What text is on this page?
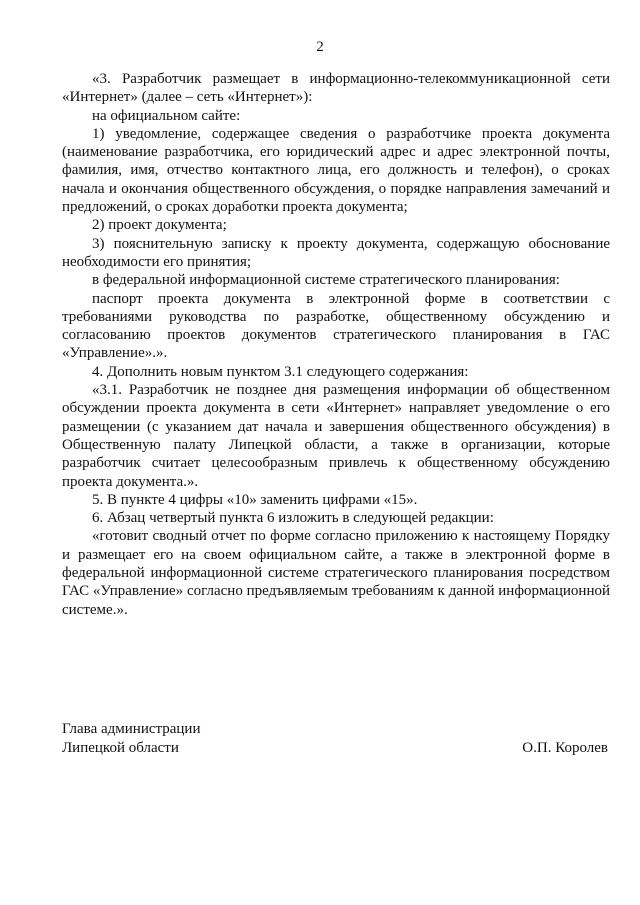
2

«3. Разработчик размещает в информационно-телекоммуникационной сети «Интернет» (далее – сеть «Интернет»):

на официальном сайте:

1) уведомление, содержащее сведения о разработчике проекта документа (наименование разработчика, его юридический адрес и адрес электронной почты, фамилия, имя, отчество контактного лица, его должность и телефон), о сроках начала и окончания общественного обсуждения, о порядке направления замечаний и предложений, о сроках доработки проекта документа;

2) проект документа;

3) пояснительную записку к проекту документа, содержащую обоснование необходимости его принятия;

в федеральной информационной системе стратегического планирования:

паспорт проекта документа в электронной форме в соответствии с требованиями руководства по разработке, общественному обсуждению и согласованию проектов документов стратегического планирования в ГАС «Управление».».

4. Дополнить новым пунктом 3.1 следующего содержания:

«3.1. Разработчик не позднее дня размещения информации об общественном обсуждении проекта документа в сети «Интернет» направляет уведомление о его размещении (с указанием дат начала и завершения общественного обсуждения) в Общественную палату Липецкой области, а также в организации, которые разработчик считает целесообразным привлечь к общественному обсуждению проекта документа.».

5. В пункте 4 цифры «10» заменить цифрами «15».

6. Абзац четвертый пункта 6 изложить в следующей редакции:

«готовит сводный отчет по форме согласно приложению к настоящему Порядку и размещает его на своем официальном сайте, а также в электронной форме в федеральной информационной системе стратегического планирования посредством ГАС «Управление» согласно предъявляемым требованиям к данной информационной системе.».

Глава администрации
Липецкой области	О.П. Королев
